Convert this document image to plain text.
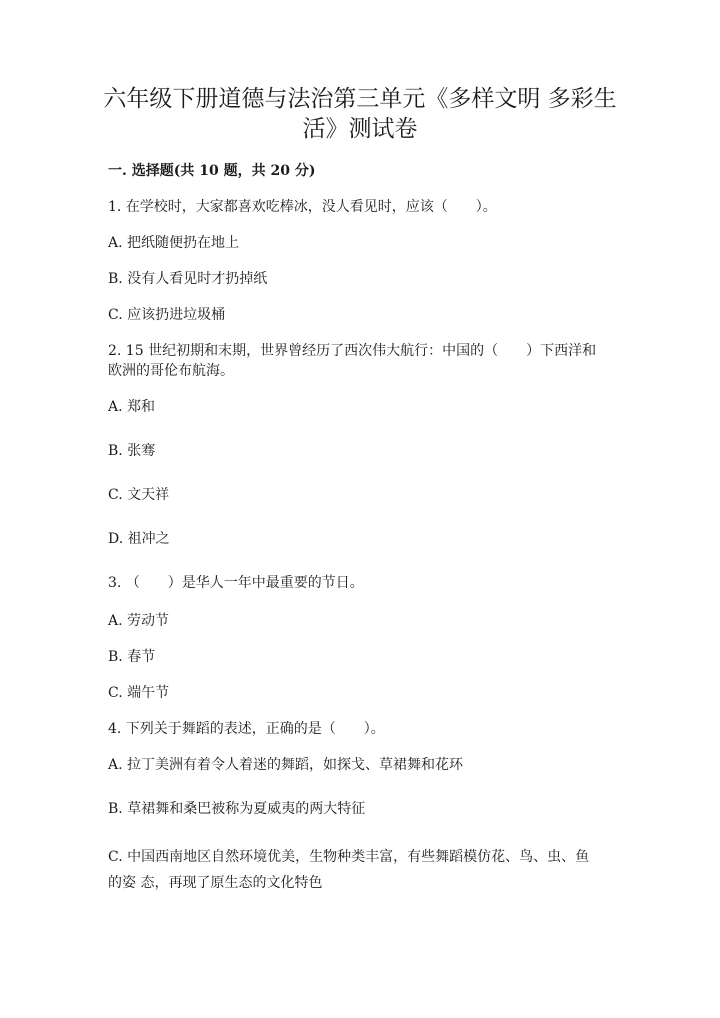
六年级下册道德与法治第三单元《多样文明 多彩生活》测试卷
一. 选择题(共 10 题，共 20 分)
1. 在学校时，大家都喜欢吃棒冰，没人看见时，应该（　　）。
A. 把纸随便扔在地上
B. 没有人看见时才扔掉纸
C. 应该扔进垃圾桶
2. 15 世纪初期和末期，世界曾经历了西次伟大航行：中国的（　　）下西洋和
欧洲的哥伦布航海。
A. 郑和
B. 张骞
C. 文天祥
D. 祖冲之
3. （　　）是华人一年中最重要的节日。
A. 劳动节
B. 春节
C. 端午节
4. 下列关于舞蹈的表述，正确的是（　　）。
A. 拉丁美洲有着令人着迷的舞蹈，如探戈、草裙舞和花环
B. 草裙舞和桑巴被称为夏威夷的两大特征
C. 中国西南地区自然环境优美，生物种类丰富，有些舞蹈模仿花、鸟、虫、鱼
的姿 态，再现了原生态的文化特色
